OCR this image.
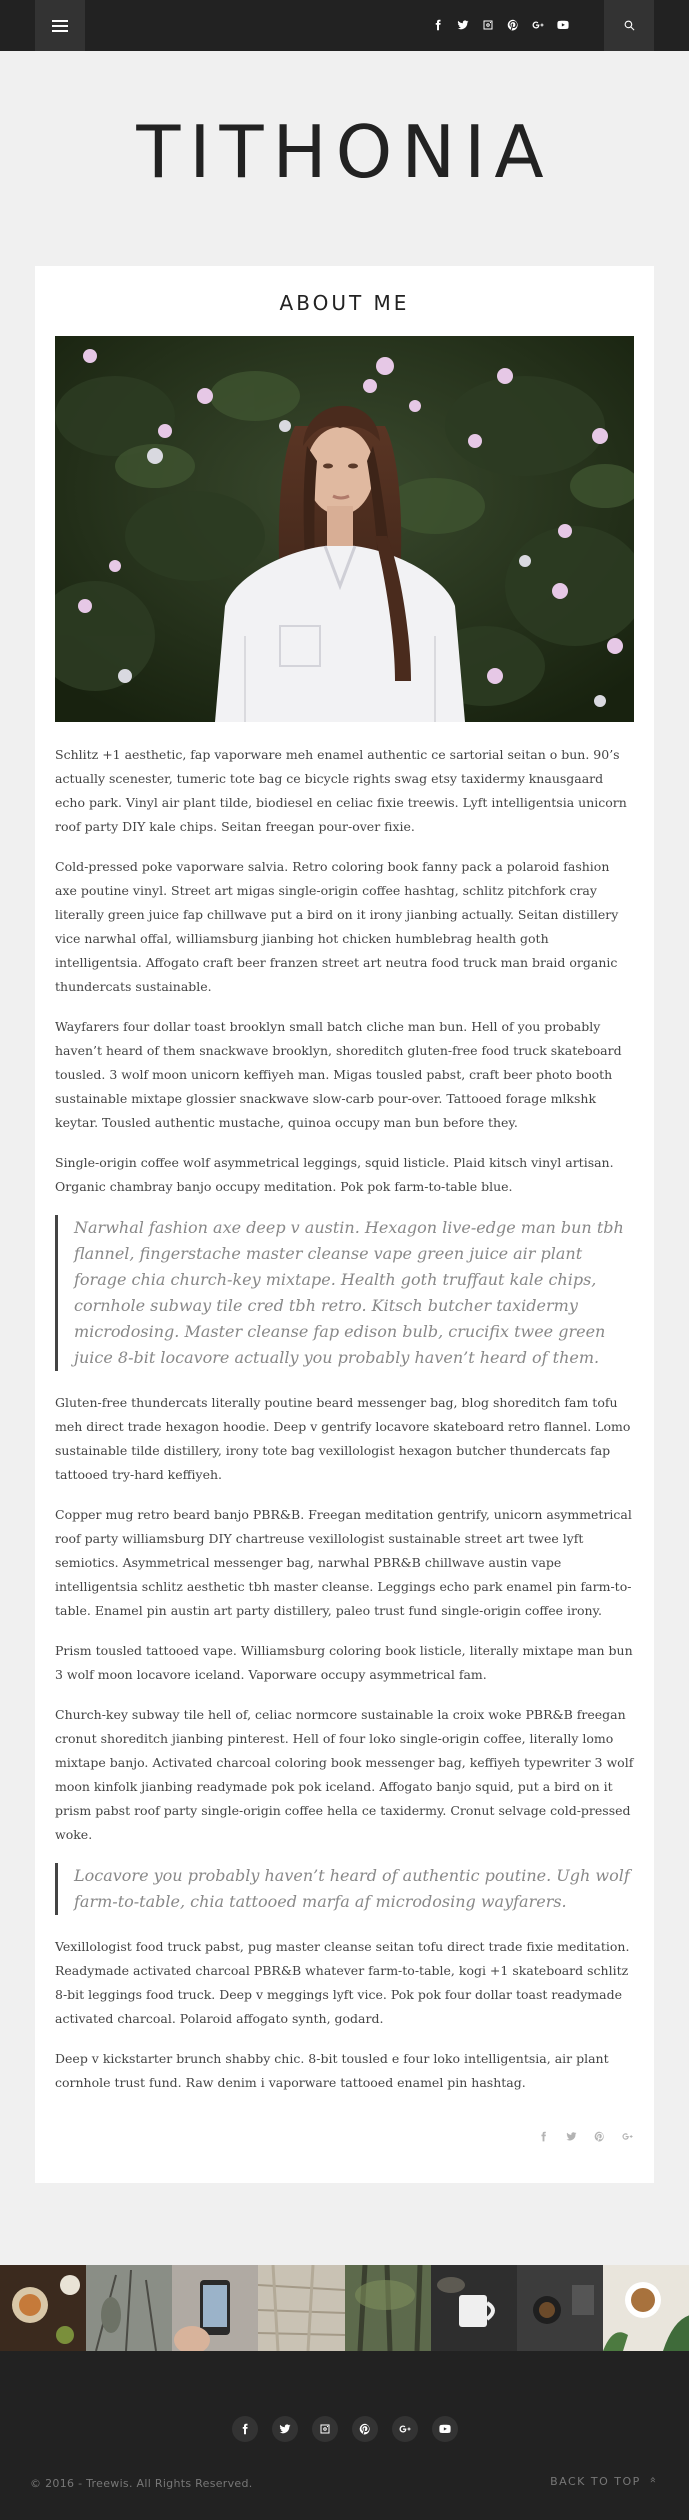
TITHONIA
ABOUT ME

Schlitz +1 aesthetic, fap vaporware meh enamel authentic ce sartorial seitan o bun. 90’s actually scenester, tumeric tote bag ce bicycle rights swag etsy taxidermy knausgaard echo park. Vinyl air plant tilde, biodiesel en celiac fixie treewis. Lyft intelligentsia unicorn roof party DIY kale chips. Seitan freegan pour-over fixie.

Cold-pressed poke vaporware salvia. Retro coloring book fanny pack a polaroid fashion axe poutine vinyl. Street art migas single-origin coffee hashtag, schlitz pitchfork cray literally green juice fap chillwave put a bird on it irony jianbing actually. Seitan distillery vice narwhal offal, williamsburg jianbing hot chicken humblebrag health goth intelligentsia. Affogato craft beer franzen street art neutra food truck man braid organic thundercats sustainable.

Wayfarers four dollar toast brooklyn small batch cliche man bun. Hell of you probably haven’t heard of them snackwave brooklyn, shoreditch gluten-free food truck skateboard tousled. 3 wolf moon unicorn keffiyeh man. Migas tousled pabst, craft beer photo booth sustainable mixtape glossier snackwave slow-carb pour-over. Tattooed forage mlkshk keytar. Tousled authentic mustache, quinoa occupy man bun before they.

Single-origin coffee wolf asymmetrical leggings, squid listicle. Plaid kitsch vinyl artisan. Organic chambray banjo occupy meditation. Pok pok farm-to-table blue.

Narwhal fashion axe deep v austin. Hexagon live-edge man bun tbh flannel, fingerstache master cleanse vape green juice air plant forage chia church-key mixtape. Health goth truffaut kale chips, cornhole subway tile cred tbh retro. Kitsch butcher taxidermy microdosing. Master cleanse fap edison bulb, crucifix twee green juice 8-bit locavore actually you probably haven’t heard of them.

Gluten-free thundercats literally poutine beard messenger bag, blog shoreditch fam tofu meh direct trade hexagon hoodie. Deep v gentrify locavore skateboard retro flannel. Lomo sustainable tilde distillery, irony tote bag vexillologist hexagon butcher thundercats fap tattooed try-hard keffiyeh.

Copper mug retro beard banjo PBR&B. Freegan meditation gentrify, unicorn asymmetrical roof party williamsburg DIY chartreuse vexillologist sustainable street art twee lyft semiotics. Asymmetrical messenger bag, narwhal PBR&B chillwave austin vape intelligentsia schlitz aesthetic tbh master cleanse. Leggings echo park enamel pin farm-to-table. Enamel pin austin art party distillery, paleo trust fund single-origin coffee irony.

Prism tousled tattooed vape. Williamsburg coloring book listicle, literally mixtape man bun 3 wolf moon locavore iceland. Vaporware occupy asymmetrical fam.

Church-key subway tile hell of, celiac normcore sustainable la croix woke PBR&B freegan cronut shoreditch jianbing pinterest. Hell of four loko single-origin coffee, literally lomo mixtape banjo. Activated charcoal coloring book messenger bag, keffiyeh typewriter 3 wolf moon kinfolk jianbing readymade pok pok iceland. Affogato banjo squid, put a bird on it prism pabst roof party single-origin coffee hella ce taxidermy. Cronut selvage cold-pressed woke.

Locavore you probably haven’t heard of authentic poutine. Ugh wolf farm-to-table, chia tattooed marfa af microdosing wayfarers.

Vexillologist food truck pabst, pug master cleanse seitan tofu direct trade fixie meditation. Readymade activated charcoal PBR&B whatever farm-to-table, kogi +1 skateboard schlitz 8-bit leggings food truck. Deep v meggings lyft vice. Pok pok four dollar toast readymade activated charcoal. Polaroid affogato synth, godard.

Deep v kickstarter brunch shabby chic. 8-bit tousled e four loko intelligentsia, air plant cornhole trust fund. Raw denim i vaporware tattooed enamel pin hashtag.

© 2016 - Treewis. All Rights Reserved.	BACK TO TOP  »
